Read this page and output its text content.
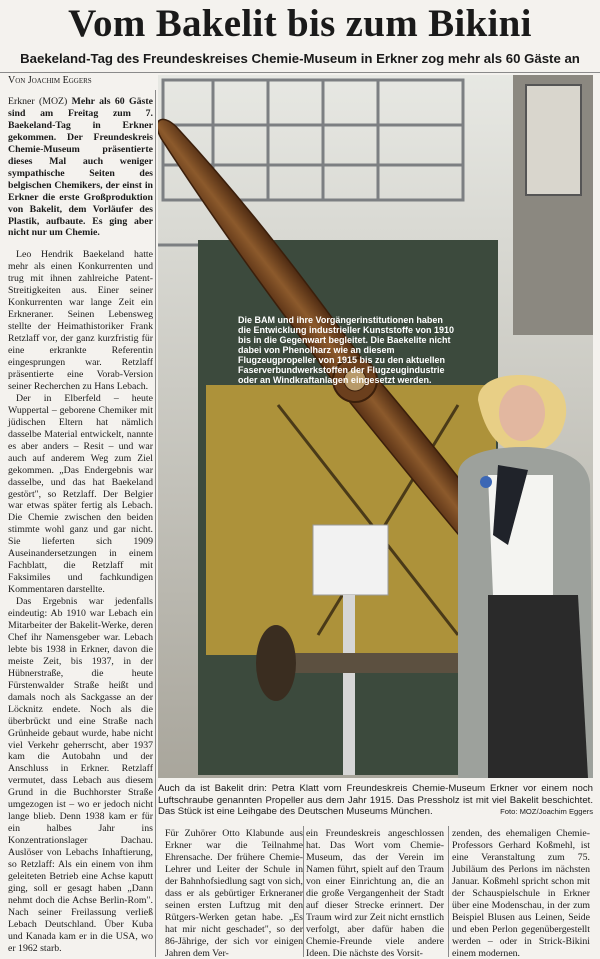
Vom Bakelit bis zum Bikini
Baekeland-Tag des Freundeskreises Chemie-Museum in Erkner zog mehr als 60 Gäste an
Von Joachim Eggers

Erkner (MOZ) Mehr als 60 Gäste sind am Freitag zum 7. Baekeland-Tag in Erkner gekommen. Der Freundeskreis Chemie-Museum präsentierte dieses Mal auch weniger sympathische Seiten des belgischen Chemikers, der einst in Erkner die erste Großproduktion von Bakelit, dem Vorläufer des Plastik, aufbaute. Es ging aber nicht nur um Chemie.

Leo Hendrik Baekeland hatte mehr als einen Konkurrenten und trug mit ihnen zahlreiche Patent-Streitigkeiten aus. Einer seiner Konkurrenten war lange Zeit ein Erkneraner. Seinen Lebensweg stellte der Heimathistoriker Frank Retzlaff vor, der ganz kurzfristig für eine erkrankte Referentin eingesprungen war. Retzlaff präsentierte eine Vorab-Version seiner Recherchen zu Hans Lebach.

Der in Elberfeld – heute Wuppertal – geborene Chemiker mit jüdischen Eltern hat nämlich dasselbe Material entwickelt, nannte es aber anders – Resit – und war auch auf anderem Weg zum Ziel gekommen. „Das Endergebnis war dasselbe, und das hat Baekeland gestört", so Retzlaff. Der Belgier war etwas später fertig als Lebach. Die Chemie zwischen den beiden stimmte wohl ganz und gar nicht. Sie lieferten sich 1909 Auseinandersetzungen in einem Fachblatt, die Retzlaff mit Faksimiles und fachkundigen Kommentaren darstellte.

Das Ergebnis war jedenfalls eindeutig: Ab 1910 war Lebach ein Mitarbeiter der Bakelit-Werke, deren Chef ihr Namensgeber war. Lebach lebte bis 1938 in Erkner, davon die meiste Zeit, bis 1937, in der Hübnerstraße, die heute Fürstenwalder Straße heißt und damals noch als Sackgasse an der Löcknitz endete. Noch als die überbrückt und eine Straße nach Grünheide gebaut wurde, habe nicht viel Verkehr geherrscht, aber 1937 kam die Autobahn und der Anschluss in Erkner. Retzlaff vermutet, dass Lebach aus diesem Grund in die Buchhorster Straße umgezogen ist – wo er jedoch nicht lange blieb. Denn 1938 kam er für ein halbes Jahr ins Konzentrationslager Dachau. Auslöser von Lebachs Inhaftierung, so Retzlaff: Als ein einem von ihm geleiteten Betrieb eine Achse kaputt ging, soll er gesagt haben „Dann nehmt doch die Achse Berlin-Rom". Nach seiner Freilassung verließ Lebach Deutschland. Über Kuba und Kanada kam er in die USA, wo er 1962 starb.

Die BAM und ihre Vorgängerinstitutionen haben die Entwicklung industrieller Kunststoffe von 1910 bis in die Gegenwart begleitet. Die Baekelite nicht dabei von Phenolharz wie an diesem Flugzeugpropeller von 1915 bis zu den aktuellen Faserverbundwerkstoffen der Flugzeugindustrie oder an Windkraftanlagen eingesetzt werden.
Auch da ist Bakelit drin: Petra Klatt vom Freundeskreis Chemie-Museum Erkner vor einem noch Luftschraube genannten Propeller aus dem Jahr 1915. Das Pressholz ist mit viel Bakelit beschichtet. Das Stück ist eine Leihgabe des Deutschen Museums München.	Foto: MOZ/Joachim Eggers
Für Zuhörer Otto Klabunde aus Erkner war die Teilnahme Ehrensache. Der frühere Chemie-Lehrer und Leiter der Schule in der Bahnhofsiedlung sagt von sich, dass er als gebürtiger Erkneraner seinen ersten Luftzug mit den Rütgers-Werken getan habe. „Es hat mir nicht geschadet", so der 86-Jährige, der sich vor einigen Jahren dem Ver-
ein Freundeskreis angeschlossen hat. Das Wort vom Chemie-Museum, das der Verein im Namen führt, spielt auf den Traum von einer Einrichtung an, die an die große Vergangenheit der Stadt auf dieser Strecke erinnert. Der Traum wird zur Zeit nicht ernstlich verfolgt, aber dafür haben die Chemie-Freunde viele andere Ideen. Die nächste des Vorsit-
zenden, des ehemaligen Chemie-Professors Gerhard Koßmehl, ist eine Veranstaltung zum 75. Jubiläum des Perlons im nächsten Januar. Koßmehl spricht schon mit der Schauspielschule in Erkner über eine Modenschau, in der zum Beispiel Blusen aus Leinen, Seide und eben Perlon gegenübergestellt werden – oder in Strick-Bikini einem modernen.
